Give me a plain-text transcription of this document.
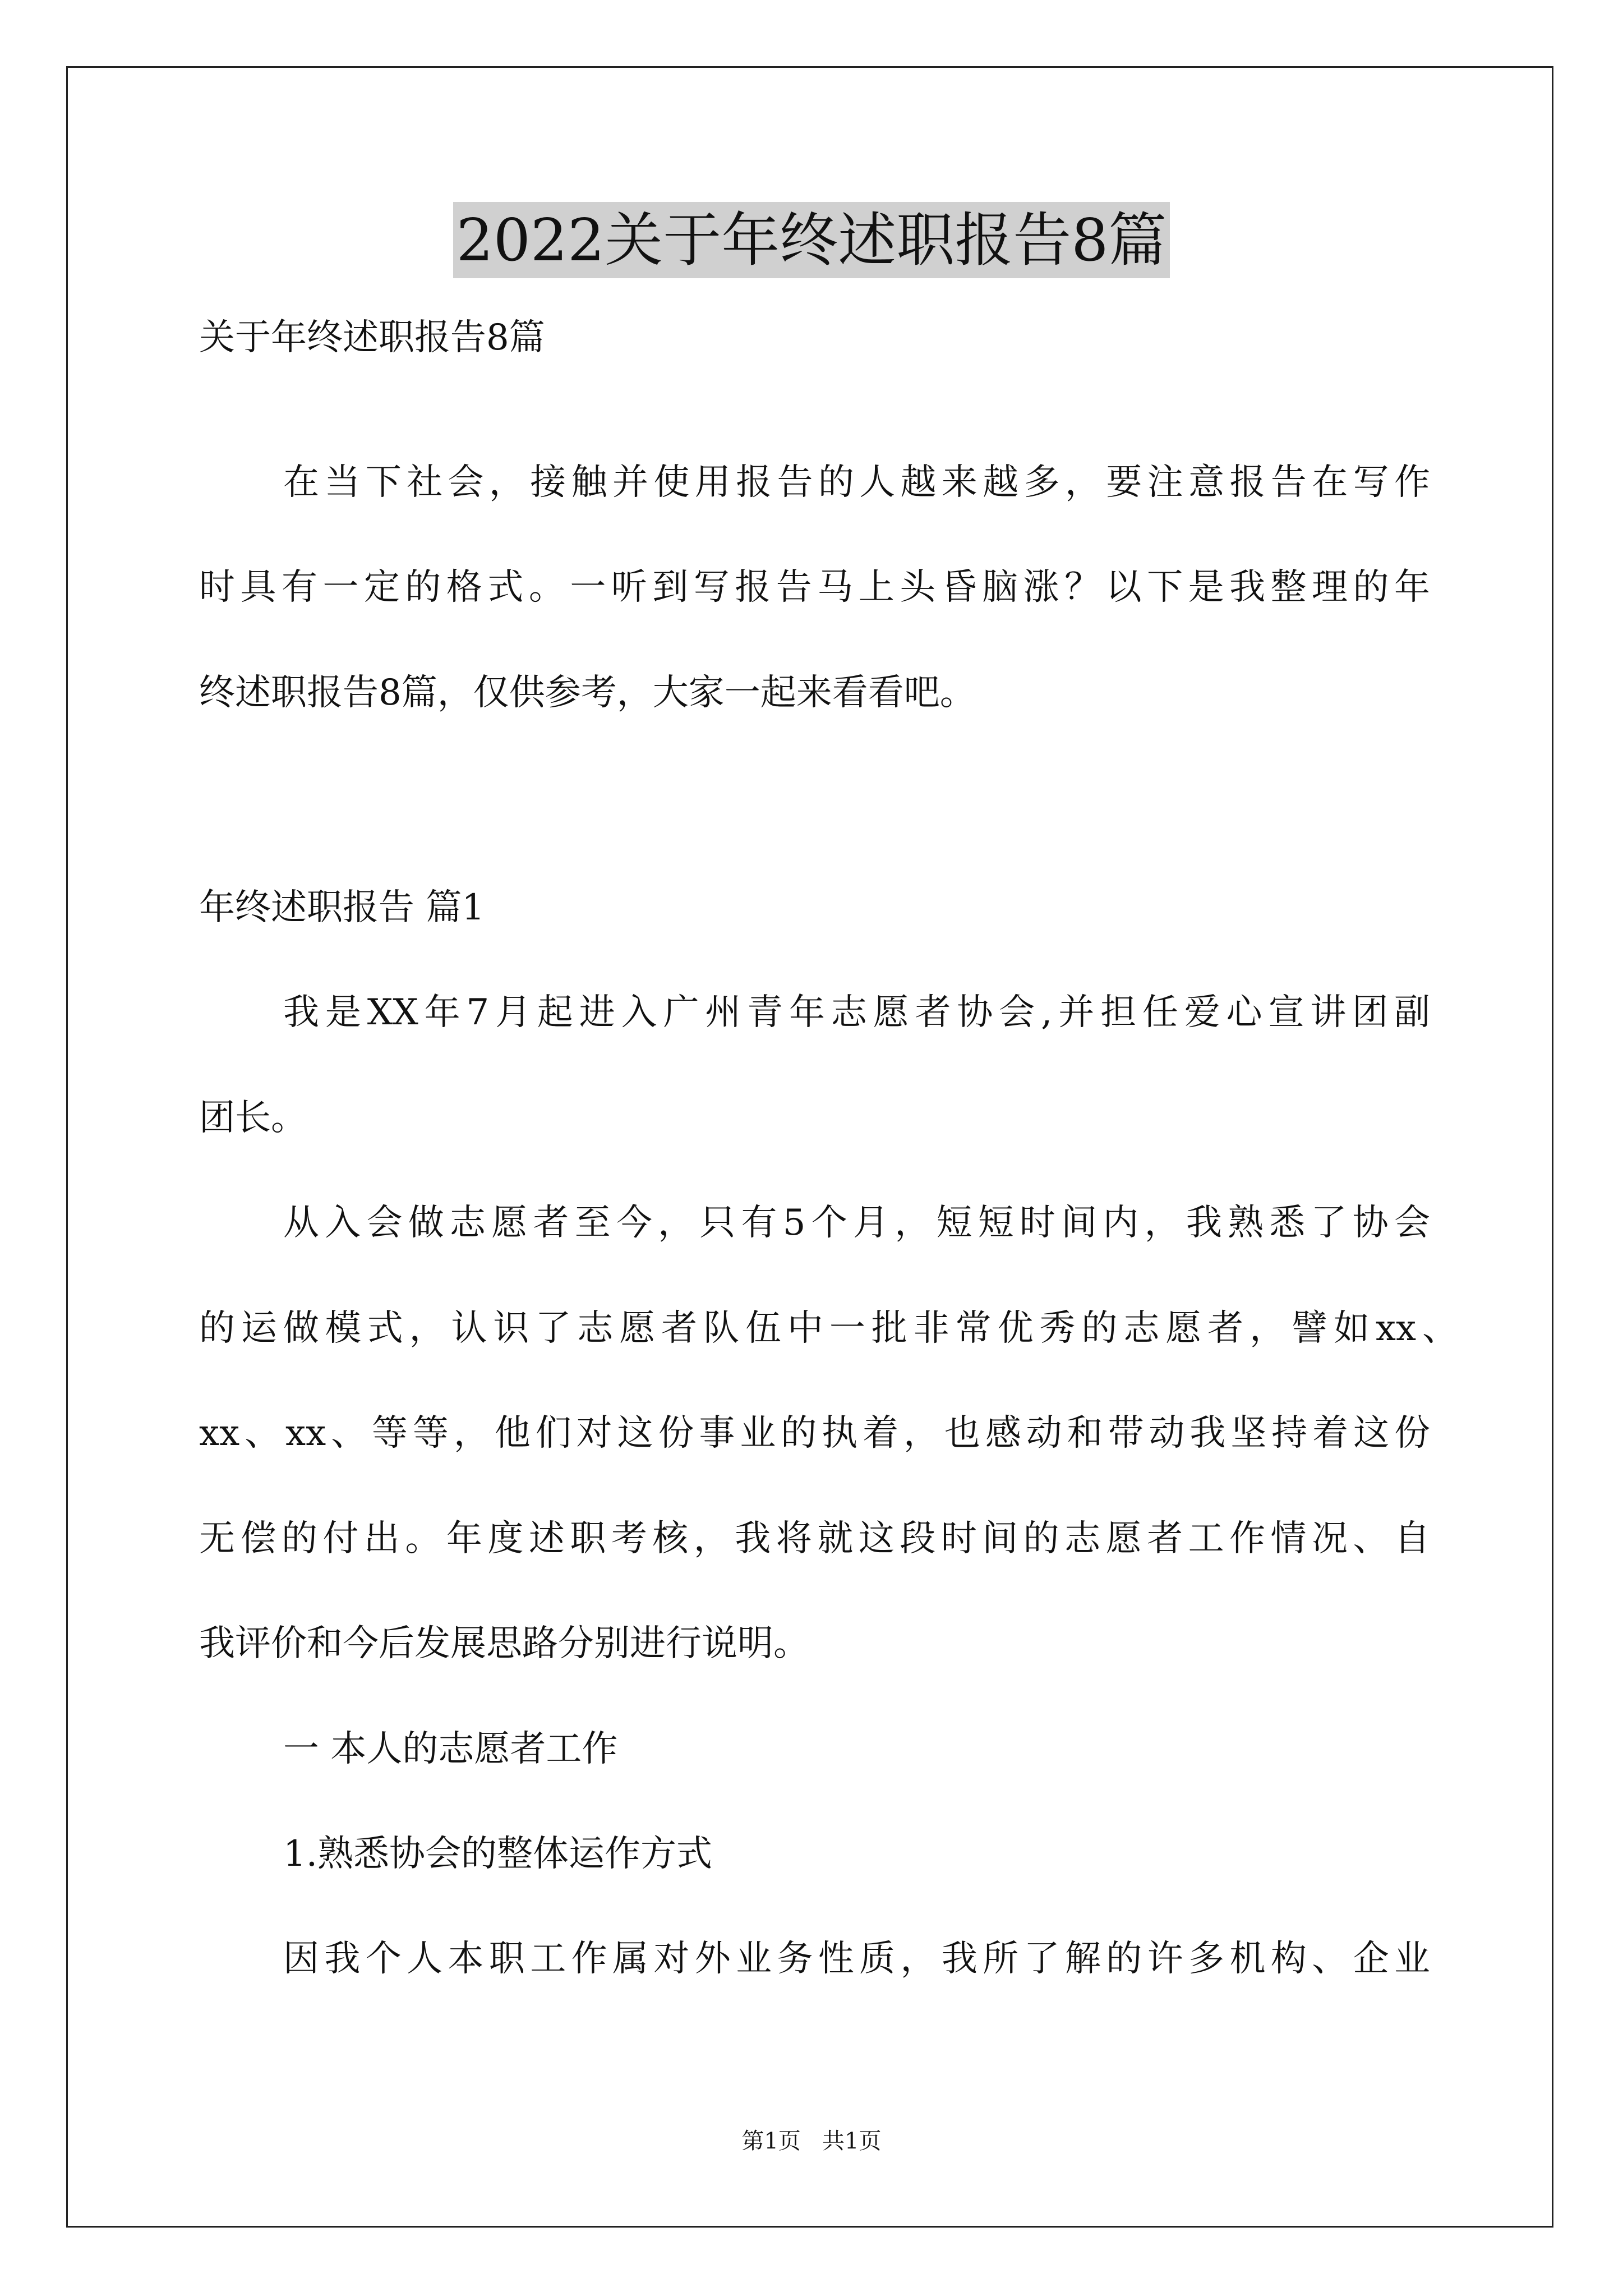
2022关于年终述职报告8篇

关于年终述职报告8篇

在当下社会，接触并使用报告的人越来越多，要注意报告在写作

时具有一定的格式。一听到写报告马上头昏脑涨？以下是我整理的年

终述职报告8篇，仅供参考，大家一起来看看吧。

年终述职报告 篇1

我是XX年7月起进入广州青年志愿者协会,并担任爱心宣讲团副

团长。

从入会做志愿者至今，只有5个月，短短时间内，我熟悉了协会

的运做模式，认识了志愿者队伍中一批非常优秀的志愿者，譬如xx、

xx、xx、等等，他们对这份事业的执着，也感动和带动我坚持着这份

无偿的付出。年度述职考核，我将就这段时间的志愿者工作情况、自

我评价和今后发展思路分别进行说明。

一 本人的志愿者工作

1.熟悉协会的整体运作方式

因我个人本职工作属对外业务性质，我所了解的许多机构、企业

第1页   共1页
